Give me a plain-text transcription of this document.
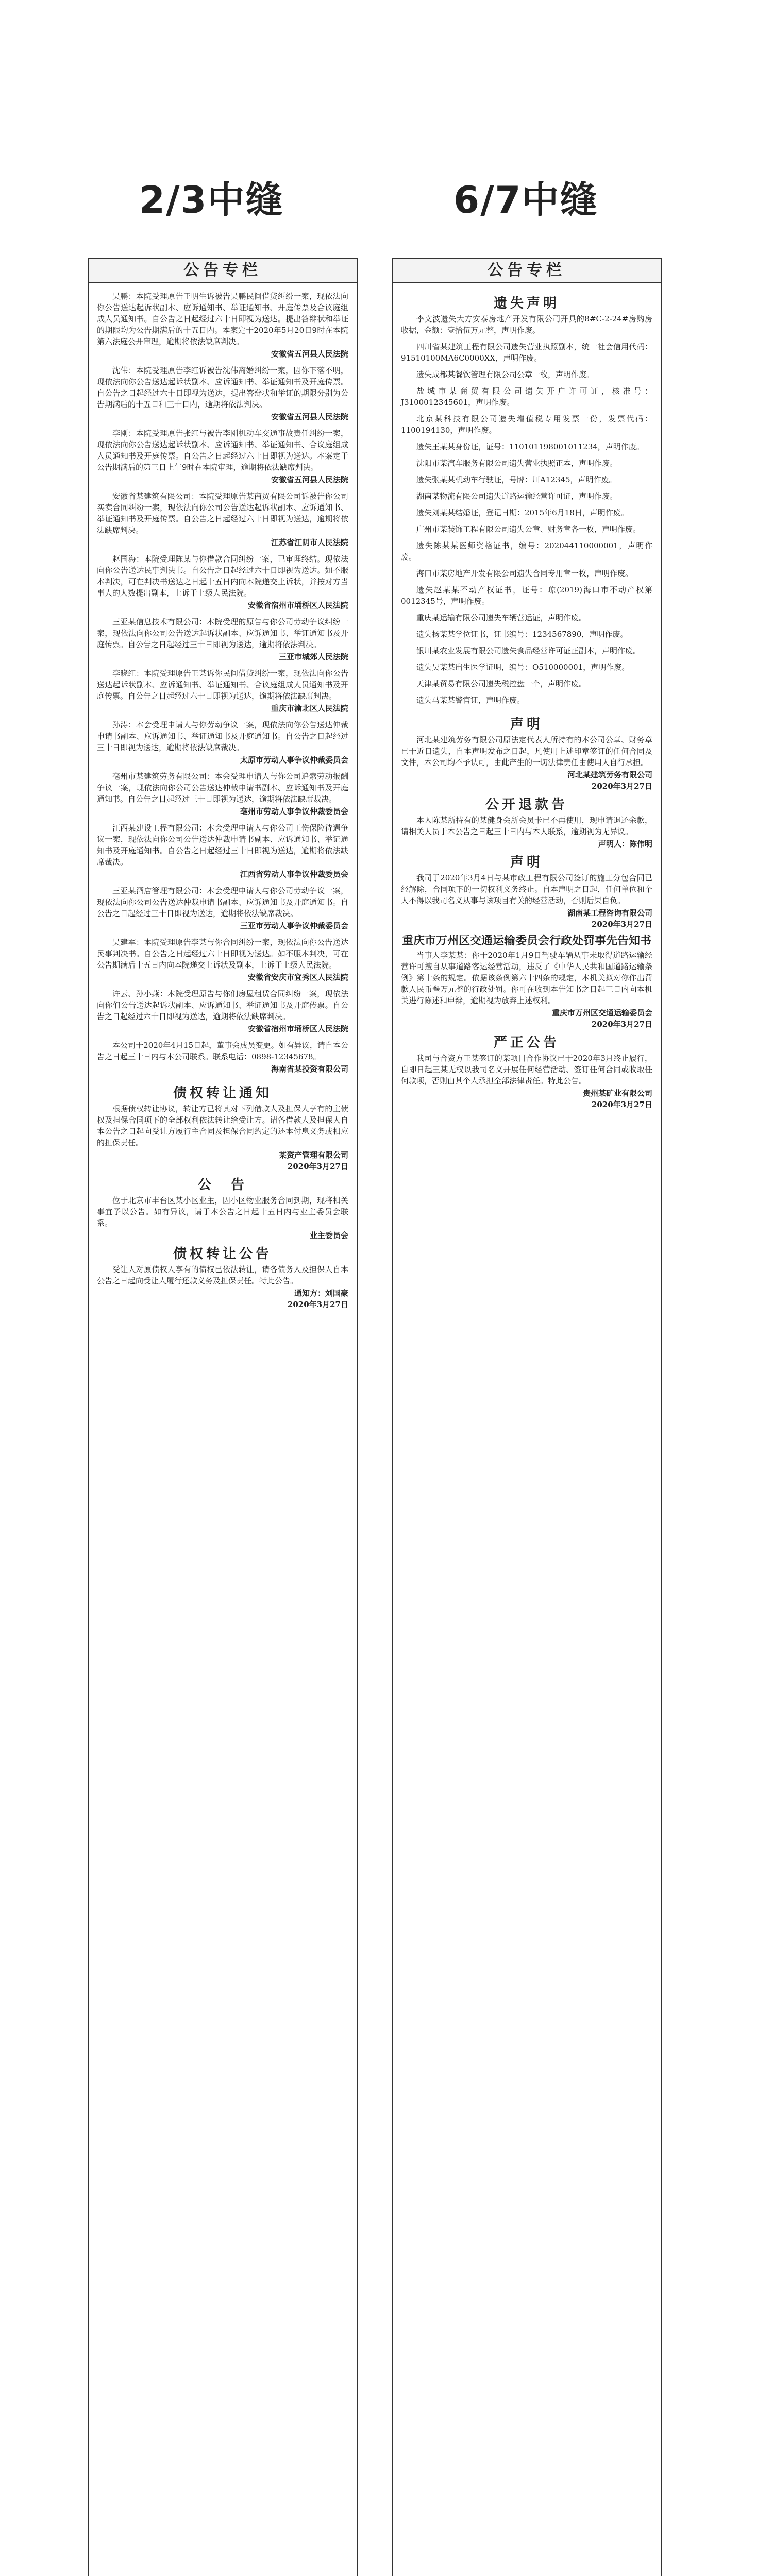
2/3中缝	6/7中缝
公告专栏

吴鹏：本院受理原告王明生诉被告吴鹏民间借贷纠纷一案，现依法向你公告送达起诉状副本、应诉通知书、举证通知书、开庭传票及合议庭组成人员通知书。自公告之日起经过六十日即视为送达。提出答辩状和举证的期限均为公告期满后的十五日内。本案定于2020年5月20日9时在本院第六法庭公开审理，逾期将依法缺席判决。

安徽省五河县人民法院

沈伟：本院受理原告李红诉被告沈伟离婚纠纷一案，因你下落不明，现依法向你公告送达起诉状副本、应诉通知书、举证通知书及开庭传票。自公告之日起经过六十日即视为送达，提出答辩状和举证的期限分别为公告期满后的十五日和三十日内，逾期将依法判决。

安徽省五河县人民法院

李刚：本院受理原告张红与被告李刚机动车交通事故责任纠纷一案，现依法向你公告送达起诉状副本、应诉通知书、举证通知书、合议庭组成人员通知书及开庭传票。自公告之日起经过六十日即视为送达。本案定于公告期满后的第三日上午9时在本院审理，逾期将依法缺席判决。

安徽省五河县人民法院

安徽省某建筑有限公司：本院受理原告某商贸有限公司诉被告你公司买卖合同纠纷一案，现依法向你公司公告送达起诉状副本、应诉通知书、举证通知书及开庭传票。自公告之日起经过六十日即视为送达，逾期将依法缺席判决。

江苏省江阴市人民法院

赵国海：本院受理陈某与你借款合同纠纷一案，已审理终结。现依法向你公告送达民事判决书。自公告之日起经过六十日即视为送达。如不服本判决，可在判决书送达之日起十五日内向本院递交上诉状，并按对方当事人的人数提出副本，上诉于上级人民法院。

安徽省宿州市埇桥区人民法院

三亚某信息技术有限公司：本院受理的原告与你公司劳动争议纠纷一案，现依法向你公司公告送达起诉状副本、应诉通知书、举证通知书及开庭传票。自公告之日起经过三十日即视为送达，逾期将依法判决。

三亚市城郊人民法院

李晓红：本院受理原告王某诉你民间借贷纠纷一案，现依法向你公告送达起诉状副本、应诉通知书、举证通知书、合议庭组成人员通知书及开庭传票。自公告之日起经过六十日即视为送达，逾期将依法缺席判决。

重庆市渝北区人民法院

孙涛：本会受理申请人与你劳动争议一案，现依法向你公告送达仲裁申请书副本、应诉通知书、举证通知书及开庭通知书。自公告之日起经过三十日即视为送达，逾期将依法缺席裁决。

太原市劳动人事争议仲裁委员会

亳州市某建筑劳务有限公司：本会受理申请人与你公司追索劳动报酬争议一案，现依法向你公司公告送达仲裁申请书副本、应诉通知书及开庭通知书。自公告之日起经过三十日即视为送达，逾期将依法缺席裁决。

亳州市劳动人事争议仲裁委员会

江西某建设工程有限公司：本会受理申请人与你公司工伤保险待遇争议一案，现依法向你公司公告送达仲裁申请书副本、应诉通知书、举证通知书及开庭通知书。自公告之日起经过三十日即视为送达，逾期将依法缺席裁决。

江西省劳动人事争议仲裁委员会

三亚某酒店管理有限公司：本会受理申请人与你公司劳动争议一案，现依法向你公司公告送达仲裁申请书副本、应诉通知书及开庭通知书。自公告之日起经过三十日即视为送达，逾期将依法缺席裁决。

三亚市劳动人事争议仲裁委员会

吴建军：本院受理原告李某与你合同纠纷一案，现依法向你公告送达民事判决书。自公告之日起经过六十日即视为送达。如不服本判决，可在公告期满后十五日内向本院递交上诉状及副本，上诉于上级人民法院。

安徽省安庆市宜秀区人民法院

许云、孙小燕：本院受理原告与你们房屋租赁合同纠纷一案，现依法向你们公告送达起诉状副本、应诉通知书、举证通知书及开庭传票。自公告之日起经过六十日即视为送达，逾期将依法缺席判决。

安徽省宿州市埇桥区人民法院

本公司于2020年4月15日起，董事会成员变更。如有异议，请自本公告之日起三十日内与本公司联系。联系电话：0898-12345678。

海南省某投资有限公司
债权转让通知

根据债权转让协议，转让方已将其对下列借款人及担保人享有的主债权及担保合同项下的全部权利依法转让给受让方。请各借款人及担保人自本公告之日起向受让方履行主合同及担保合同约定的还本付息义务或相应的担保责任。

某资产管理有限公司
2020年3月27日
公　告

位于北京市丰台区某小区业主，因小区物业服务合同到期，现将相关事宜予以公告。如有异议，请于本公告之日起十五日内与业主委员会联系。

业主委员会
债权转让公告

受让人对原债权人享有的债权已依法转让，请各债务人及担保人自本公告之日起向受让人履行还款义务及担保责任。特此公告。

通知方：刘国豪
2020年3月27日
公告专栏
遗失声明

李文波遗失大方安泰房地产开发有限公司开具的8#C-2-24#房购房收据，金额：壹拾伍万元整，声明作废。

四川省某建筑工程有限公司遗失营业执照副本，统一社会信用代码：91510100MA6C0000XX，声明作废。

遗失成都某餐饮管理有限公司公章一枚，声明作废。

盐城市某商贸有限公司遗失开户许可证，核准号：J3100012345601，声明作废。

北京某科技有限公司遗失增值税专用发票一份，发票代码：1100194130，声明作废。

遗失王某某身份证，证号：110101198001011234，声明作废。

沈阳市某汽车服务有限公司遗失营业执照正本，声明作废。

遗失张某某机动车行驶证，号牌：川A12345，声明作废。

湖南某物流有限公司遗失道路运输经营许可证，声明作废。

遗失刘某某结婚证，登记日期：2015年6月18日，声明作废。

广州市某装饰工程有限公司遗失公章、财务章各一枚，声明作废。

遗失陈某某医师资格证书，编号：202044110000001，声明作废。

海口市某房地产开发有限公司遗失合同专用章一枚，声明作废。

遗失赵某某不动产权证书，证号：琼(2019)海口市不动产权第0012345号，声明作废。

重庆某运输有限公司遗失车辆营运证，声明作废。

遗失杨某某学位证书，证书编号：1234567890，声明作废。

银川某农业发展有限公司遗失食品经营许可证正副本，声明作废。

遗失吴某某出生医学证明，编号：O510000001，声明作废。

天津某贸易有限公司遗失税控盘一个，声明作废。

遗失马某某警官证，声明作废。

声明

河北某建筑劳务有限公司原法定代表人所持有的本公司公章、财务章已于近日遗失，自本声明发布之日起，凡使用上述印章签订的任何合同及文件，本公司均不予认可，由此产生的一切法律责任由使用人自行承担。

河北某建筑劳务有限公司
2020年3月27日
公开退款告

本人陈某所持有的某健身会所会员卡已不再使用，现申请退还余款，请相关人员于本公告之日起三十日内与本人联系，逾期视为无异议。

声明人：陈伟明
声明

我司于2020年3月4日与某市政工程有限公司签订的施工分包合同已经解除，合同项下的一切权利义务终止。自本声明之日起，任何单位和个人不得以我司名义从事与该项目有关的经营活动，否则后果自负。

湖南某工程咨询有限公司
2020年3月27日
重庆市万州区交通运输委员会行政处罚事先告知书

当事人李某某：你于2020年1月9日驾驶车辆从事未取得道路运输经营许可擅自从事道路客运经营活动，违反了《中华人民共和国道路运输条例》第十条的规定。依据该条例第六十四条的规定，本机关拟对你作出罚款人民币叁万元整的行政处罚。你可在收到本告知书之日起三日内向本机关进行陈述和申辩，逾期视为放弃上述权利。

重庆市万州区交通运输委员会
2020年3月27日
严正公告

我司与合资方王某签订的某项目合作协议已于2020年3月终止履行，自即日起王某无权以我司名义开展任何经营活动、签订任何合同或收取任何款项，否则由其个人承担全部法律责任。特此公告。

贵州某矿业有限公司
2020年3月27日
